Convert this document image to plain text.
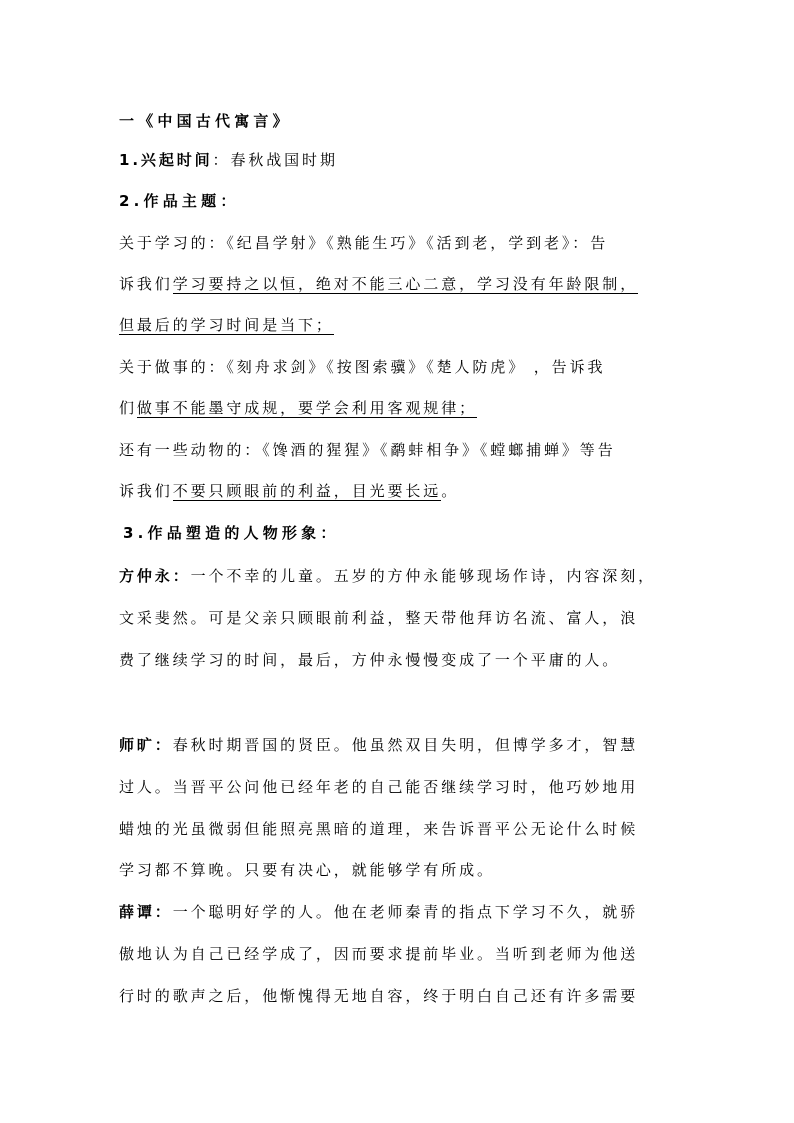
一《中国古代寓言》
1.兴起时间：春秋战国时期
2.作品主题：
关于学习的：《纪昌学射》《熟能生巧》《活到老，学到老》：告
诉我们学习要持之以恒，绝对不能三心二意，学习没有年龄限制，
但最后的学习时间是当下；
关于做事的：《刻舟求剑》《按图索骥》《楚人防虎》 ，告诉我
们做事不能墨守成规，要学会利用客观规律；
还有一些动物的：《馋酒的猩猩》《鹬蚌相争》《螳螂捕蝉》等告
诉我们不要只顾眼前的利益，目光要长远。
3.作品塑造的人物形象：
方仲永：一个不幸的儿童。五岁的方仲永能够现场作诗，内容深刻，
文采斐然。可是父亲只顾眼前利益，整天带他拜访名流、富人，浪
费了继续学习的时间，最后，方仲永慢慢变成了一个平庸的人。
师旷：春秋时期晋国的贤臣。他虽然双目失明，但博学多才，智慧
过人。当晋平公问他已经年老的自己能否继续学习时，他巧妙地用
蜡烛的光虽微弱但能照亮黑暗的道理，来告诉晋平公无论什么时候
学习都不算晚。只要有决心，就能够学有所成。
薛谭：一个聪明好学的人。他在老师秦青的指点下学习不久，就骄
傲地认为自己已经学成了，因而要求提前毕业。当听到老师为他送
行时的歌声之后，他惭愧得无地自容，终于明白自己还有许多需要
